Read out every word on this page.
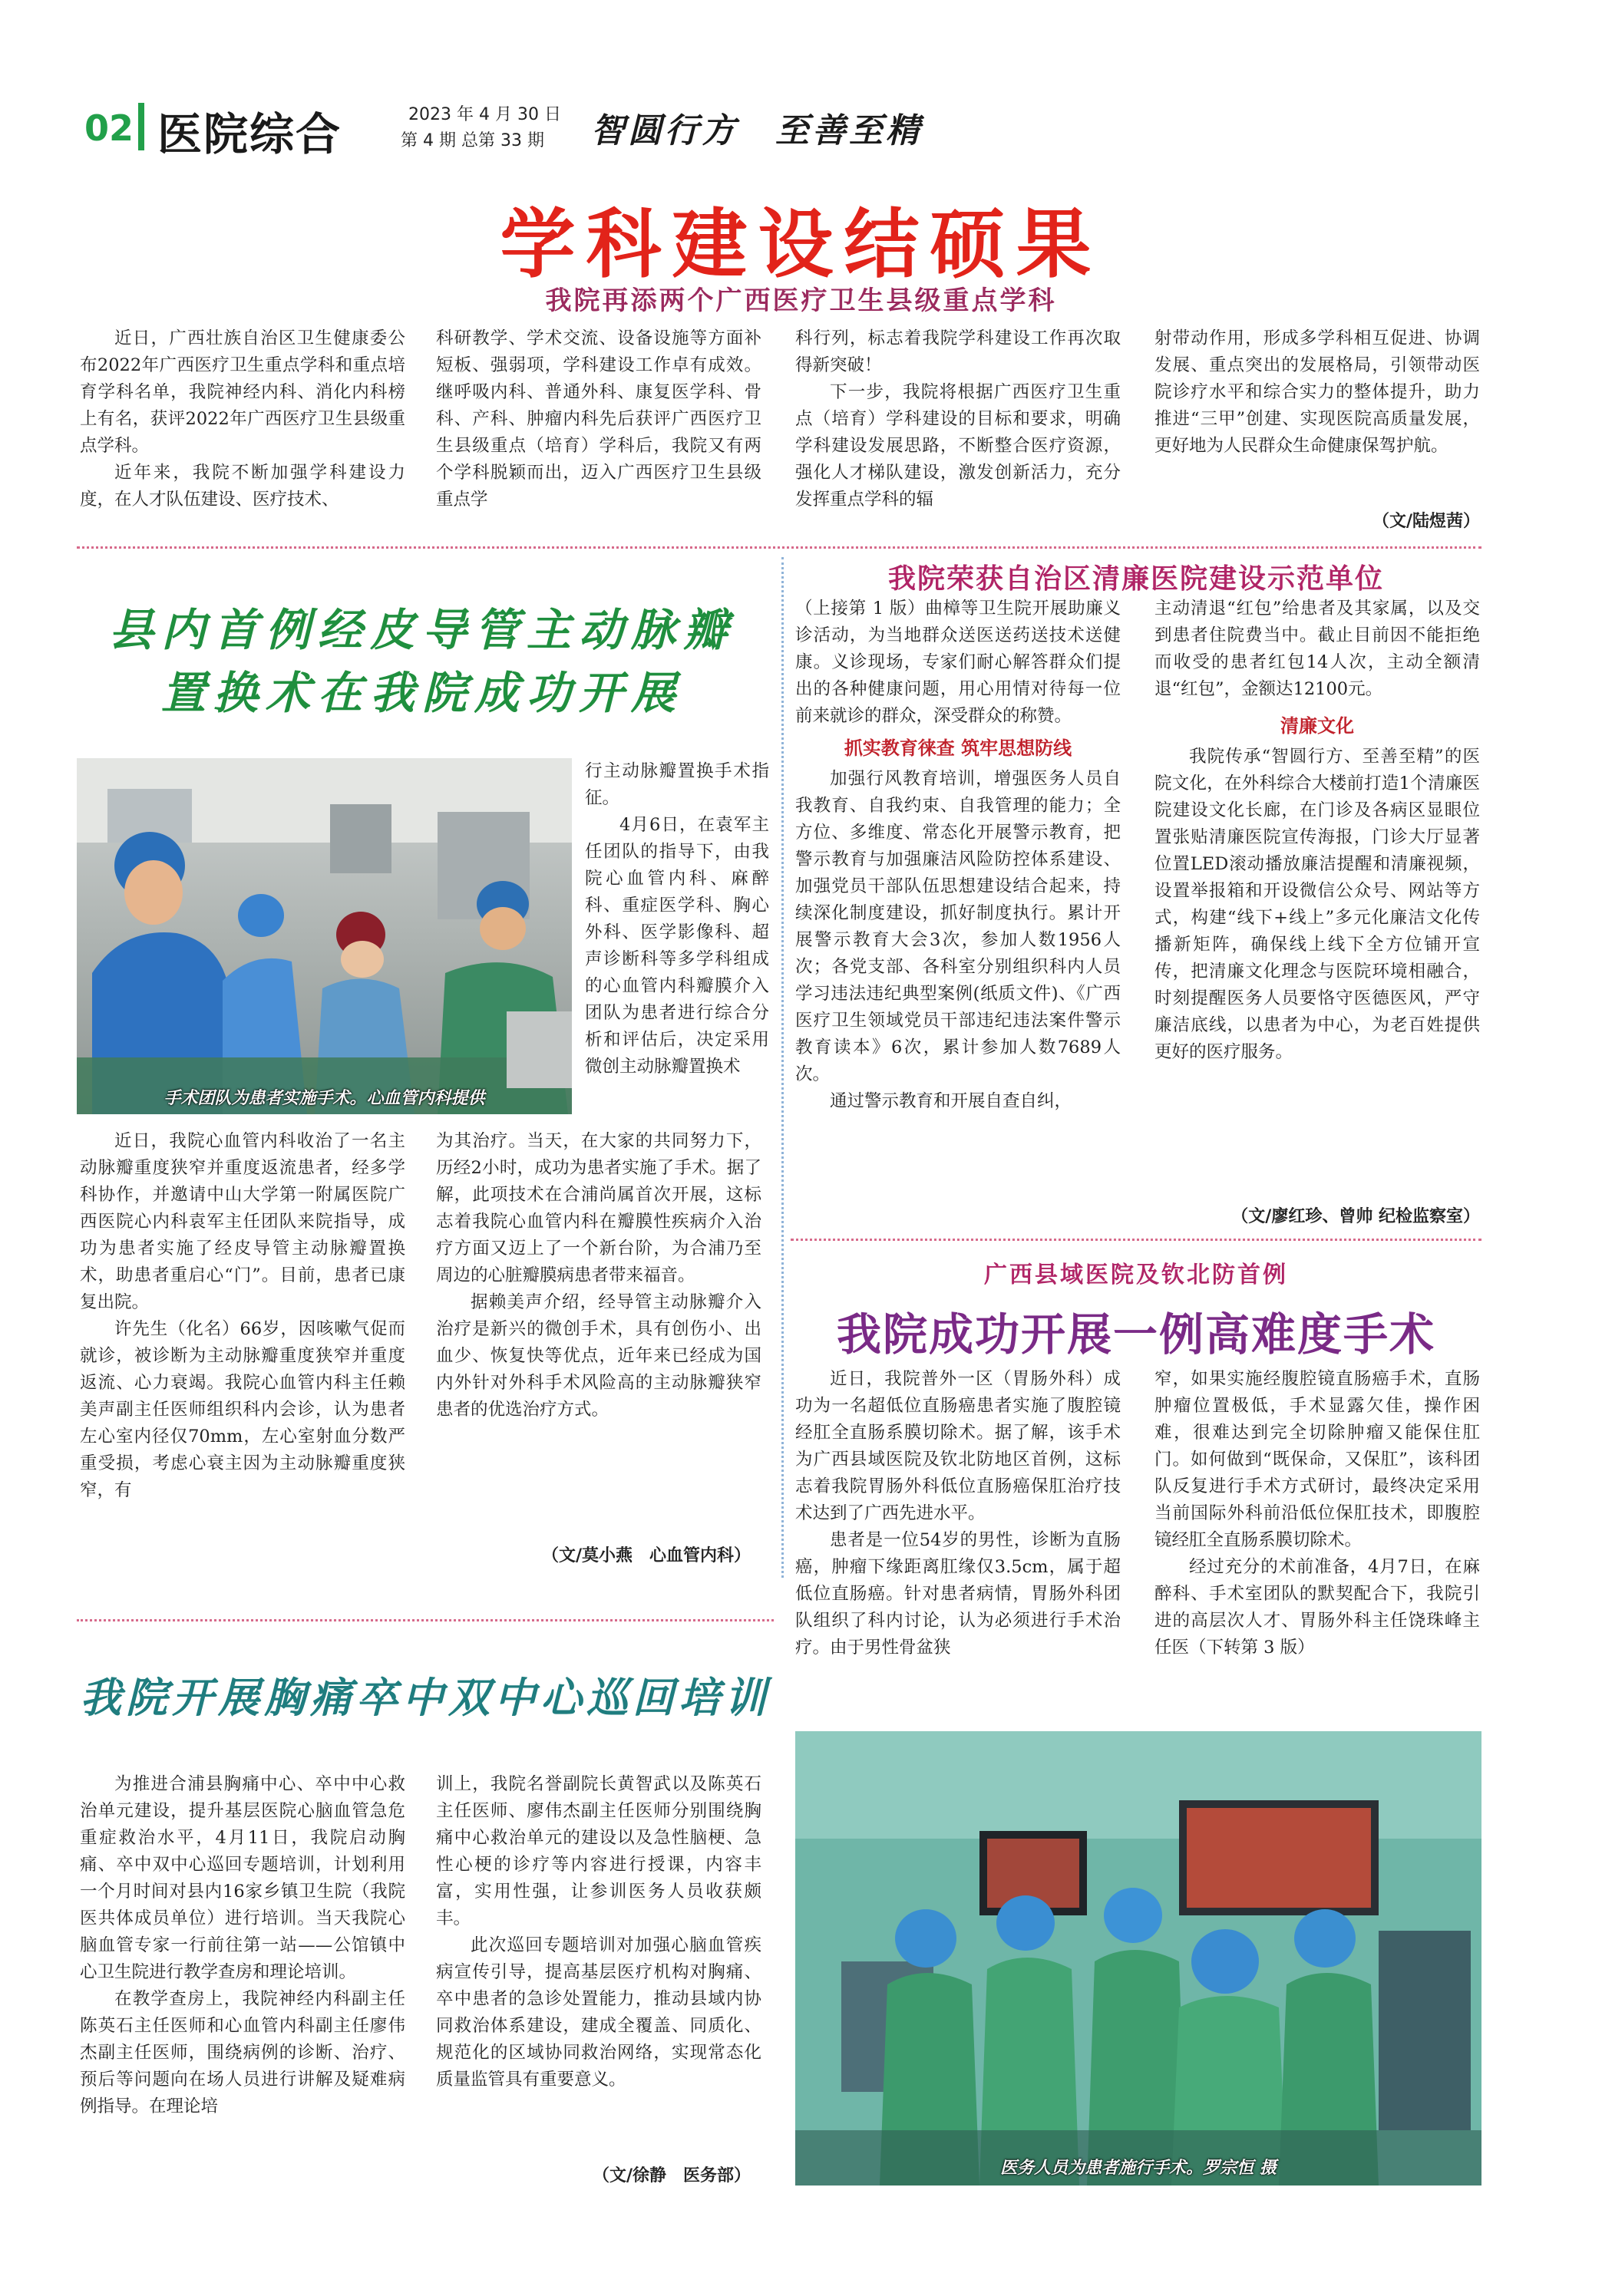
02 医院综合	2023 年 4 月 30 日
第 4 期 总第 33 期 智圆行方　至善至精
学科建设结硕果
我院再添两个广西医疗卫生县级重点学科

近日，广西壮族自治区卫生健康委公布2022年广西医疗卫生重点学科和重点培育学科名单，我院神经内科、消化内科榜上有名，获评2022年广西医疗卫生县级重点学科。

近年来，我院不断加强学科建设力度，在人才队伍建设、医疗技术、

科研教学、学术交流、设备设施等方面补短板、强弱项，学科建设工作卓有成效。继呼吸内科、普通外科、康复医学科、骨科、产科、肿瘤内科先后获评广西医疗卫生县级重点（培育）学科后，我院又有两个学科脱颖而出，迈入广西医疗卫生县级重点学

科行列，标志着我院学科建设工作再次取得新突破！

下一步，我院将根据广西医疗卫生重点（培育）学科建设的目标和要求，明确学科建设发展思路，不断整合医疗资源，强化人才梯队建设，激发创新活力，充分发挥重点学科的辐

射带动作用，形成多学科相互促进、协调发展、重点突出的发展格局，引领带动医院诊疗水平和综合实力的整体提升，助力推进“三甲”创建、实现医院高质量发展，更好地为人民群众生命健康保驾护航。

（文/陆煜茜）
县内首例经皮导管主动脉瓣
置换术在我院成功开展
手术团队为患者实施手术。心血管内科提供

行主动脉瓣置换手术指征。

4月6日，在袁军主任团队的指导下，由我院心血管内科、麻醉科、重症医学科、胸心外科、医学影像科、超声诊断科等多学科组成的心血管内科瓣膜介入团队为患者进行综合分析和评估后，决定采用微创主动脉瓣置换术

近日，我院心血管内科收治了一名主动脉瓣重度狭窄并重度返流患者，经多学科协作，并邀请中山大学第一附属医院广西医院心内科袁军主任团队来院指导，成功为患者实施了经皮导管主动脉瓣置换术，助患者重启心“门”。目前，患者已康复出院。

许先生（化名）66岁，因咳嗽气促而就诊，被诊断为主动脉瓣重度狭窄并重度返流、心力衰竭。我院心血管内科主任赖美声副主任医师组织科内会诊，认为患者左心室内径仅70mm，左心室射血分数严重受损，考虑心衰主因为主动脉瓣重度狭窄，有

为其治疗。当天，在大家的共同努力下，历经2小时，成功为患者实施了手术。据了解，此项技术在合浦尚属首次开展，这标志着我院心血管内科在瓣膜性疾病介入治疗方面又迈上了一个新台阶，为合浦乃至周边的心脏瓣膜病患者带来福音。

据赖美声介绍，经导管主动脉瓣介入治疗是新兴的微创手术，具有创伤小、出血少、恢复快等优点，近年来已经成为国内外针对外科手术风险高的主动脉瓣狭窄患者的优选治疗方式。

（文/莫小燕　心血管内科）
我院荣获自治区清廉医院建设示范单位

（上接第 1 版）曲樟等卫生院开展助廉义诊活动，为当地群众送医送药送技术送健康。义诊现场，专家们耐心解答群众们提出的各种健康问题，用心用情对待每一位前来就诊的群众，深受群众的称赞。

抓实教育徕查 筑牢思想防线

加强行风教育培训，增强医务人员自我教育、自我约束、自我管理的能力；全方位、多维度、常态化开展警示教育，把警示教育与加强廉洁风险防控体系建设、加强党员干部队伍思想建设结合起来，持续深化制度建设，抓好制度执行。累计开展警示教育大会3次，参加人数1956人次；各党支部、各科室分别组织科内人员学习违法违纪典型案例(纸质文件)、《广西医疗卫生领域党员干部违纪违法案件警示教育读本》6次，累计参加人数7689人次。

通过警示教育和开展自查自纠，

主动清退“红包”给患者及其家属，以及交到患者住院费当中。截止目前因不能拒绝而收受的患者红包14人次，主动全额清退“红包”，金额达12100元。

清廉文化

我院传承“智圆行方、至善至精”的医院文化，在外科综合大楼前打造1个清廉医院建设文化长廊，在门诊及各病区显眼位置张贴清廉医院宣传海报，门诊大厅显著位置LED滚动播放廉洁提醒和清廉视频，设置举报箱和开设微信公众号、网站等方式，构建“线下+线上”多元化廉洁文化传播新矩阵，确保线上线下全方位铺开宣传，把清廉文化理念与医院环境相融合，时刻提醒医务人员要恪守医德医风，严守廉洁底线，以患者为中心，为老百姓提供更好的医疗服务。

（文/廖红珍、曾帅 纪检监察室）
广西县域医院及钦北防首例
我院成功开展一例高难度手术

近日，我院普外一区（胃肠外科）成功为一名超低位直肠癌患者实施了腹腔镜经肛全直肠系膜切除术。据了解，该手术为广西县域医院及钦北防地区首例，这标志着我院胃肠外科低位直肠癌保肛治疗技术达到了广西先进水平。

患者是一位54岁的男性，诊断为直肠癌，肿瘤下缘距离肛缘仅3.5cm，属于超低位直肠癌。针对患者病情，胃肠外科团队组织了科内讨论，认为必须进行手术治疗。由于男性骨盆狭

窄，如果实施经腹腔镜直肠癌手术，直肠肿瘤位置极低，手术显露欠佳，操作困难，很难达到完全切除肿瘤又能保住肛门。如何做到“既保命，又保肛”，该科团队反复进行手术方式研讨，最终决定采用当前国际外科前沿低位保肛技术，即腹腔镜经肛全直肠系膜切除术。

经过充分的术前准备，4月7日，在麻醉科、手术室团队的默契配合下，我院引进的高层次人才、胃肠外科主任饶珠峰主任医（下转第 3 版）

医务人员为患者施行手术。罗宗恒 摄
我院开展胸痛卒中双中心巡回培训

为推进合浦县胸痛中心、卒中中心救治单元建设，提升基层医院心脑血管急危重症救治水平，4月11日，我院启动胸痛、卒中双中心巡回专题培训，计划利用一个月时间对县内16家乡镇卫生院（我院医共体成员单位）进行培训。当天我院心脑血管专家一行前往第一站——公馆镇中心卫生院进行教学查房和理论培训。

在教学查房上，我院神经内科副主任陈英石主任医师和心血管内科副主任廖伟杰副主任医师，围绕病例的诊断、治疗、预后等问题向在场人员进行讲解及疑难病例指导。在理论培

训上，我院名誉副院长黄智武以及陈英石主任医师、廖伟杰副主任医师分别围绕胸痛中心救治单元的建设以及急性脑梗、急性心梗的诊疗等内容进行授课，内容丰富，实用性强，让参训医务人员收获颇丰。

此次巡回专题培训对加强心脑血管疾病宣传引导，提高基层医疗机构对胸痛、卒中患者的急诊处置能力，推动县域内协同救治体系建设，建成全覆盖、同质化、规范化的区域协同救治网络，实现常态化质量监管具有重要意义。

（文/徐静　医务部）
